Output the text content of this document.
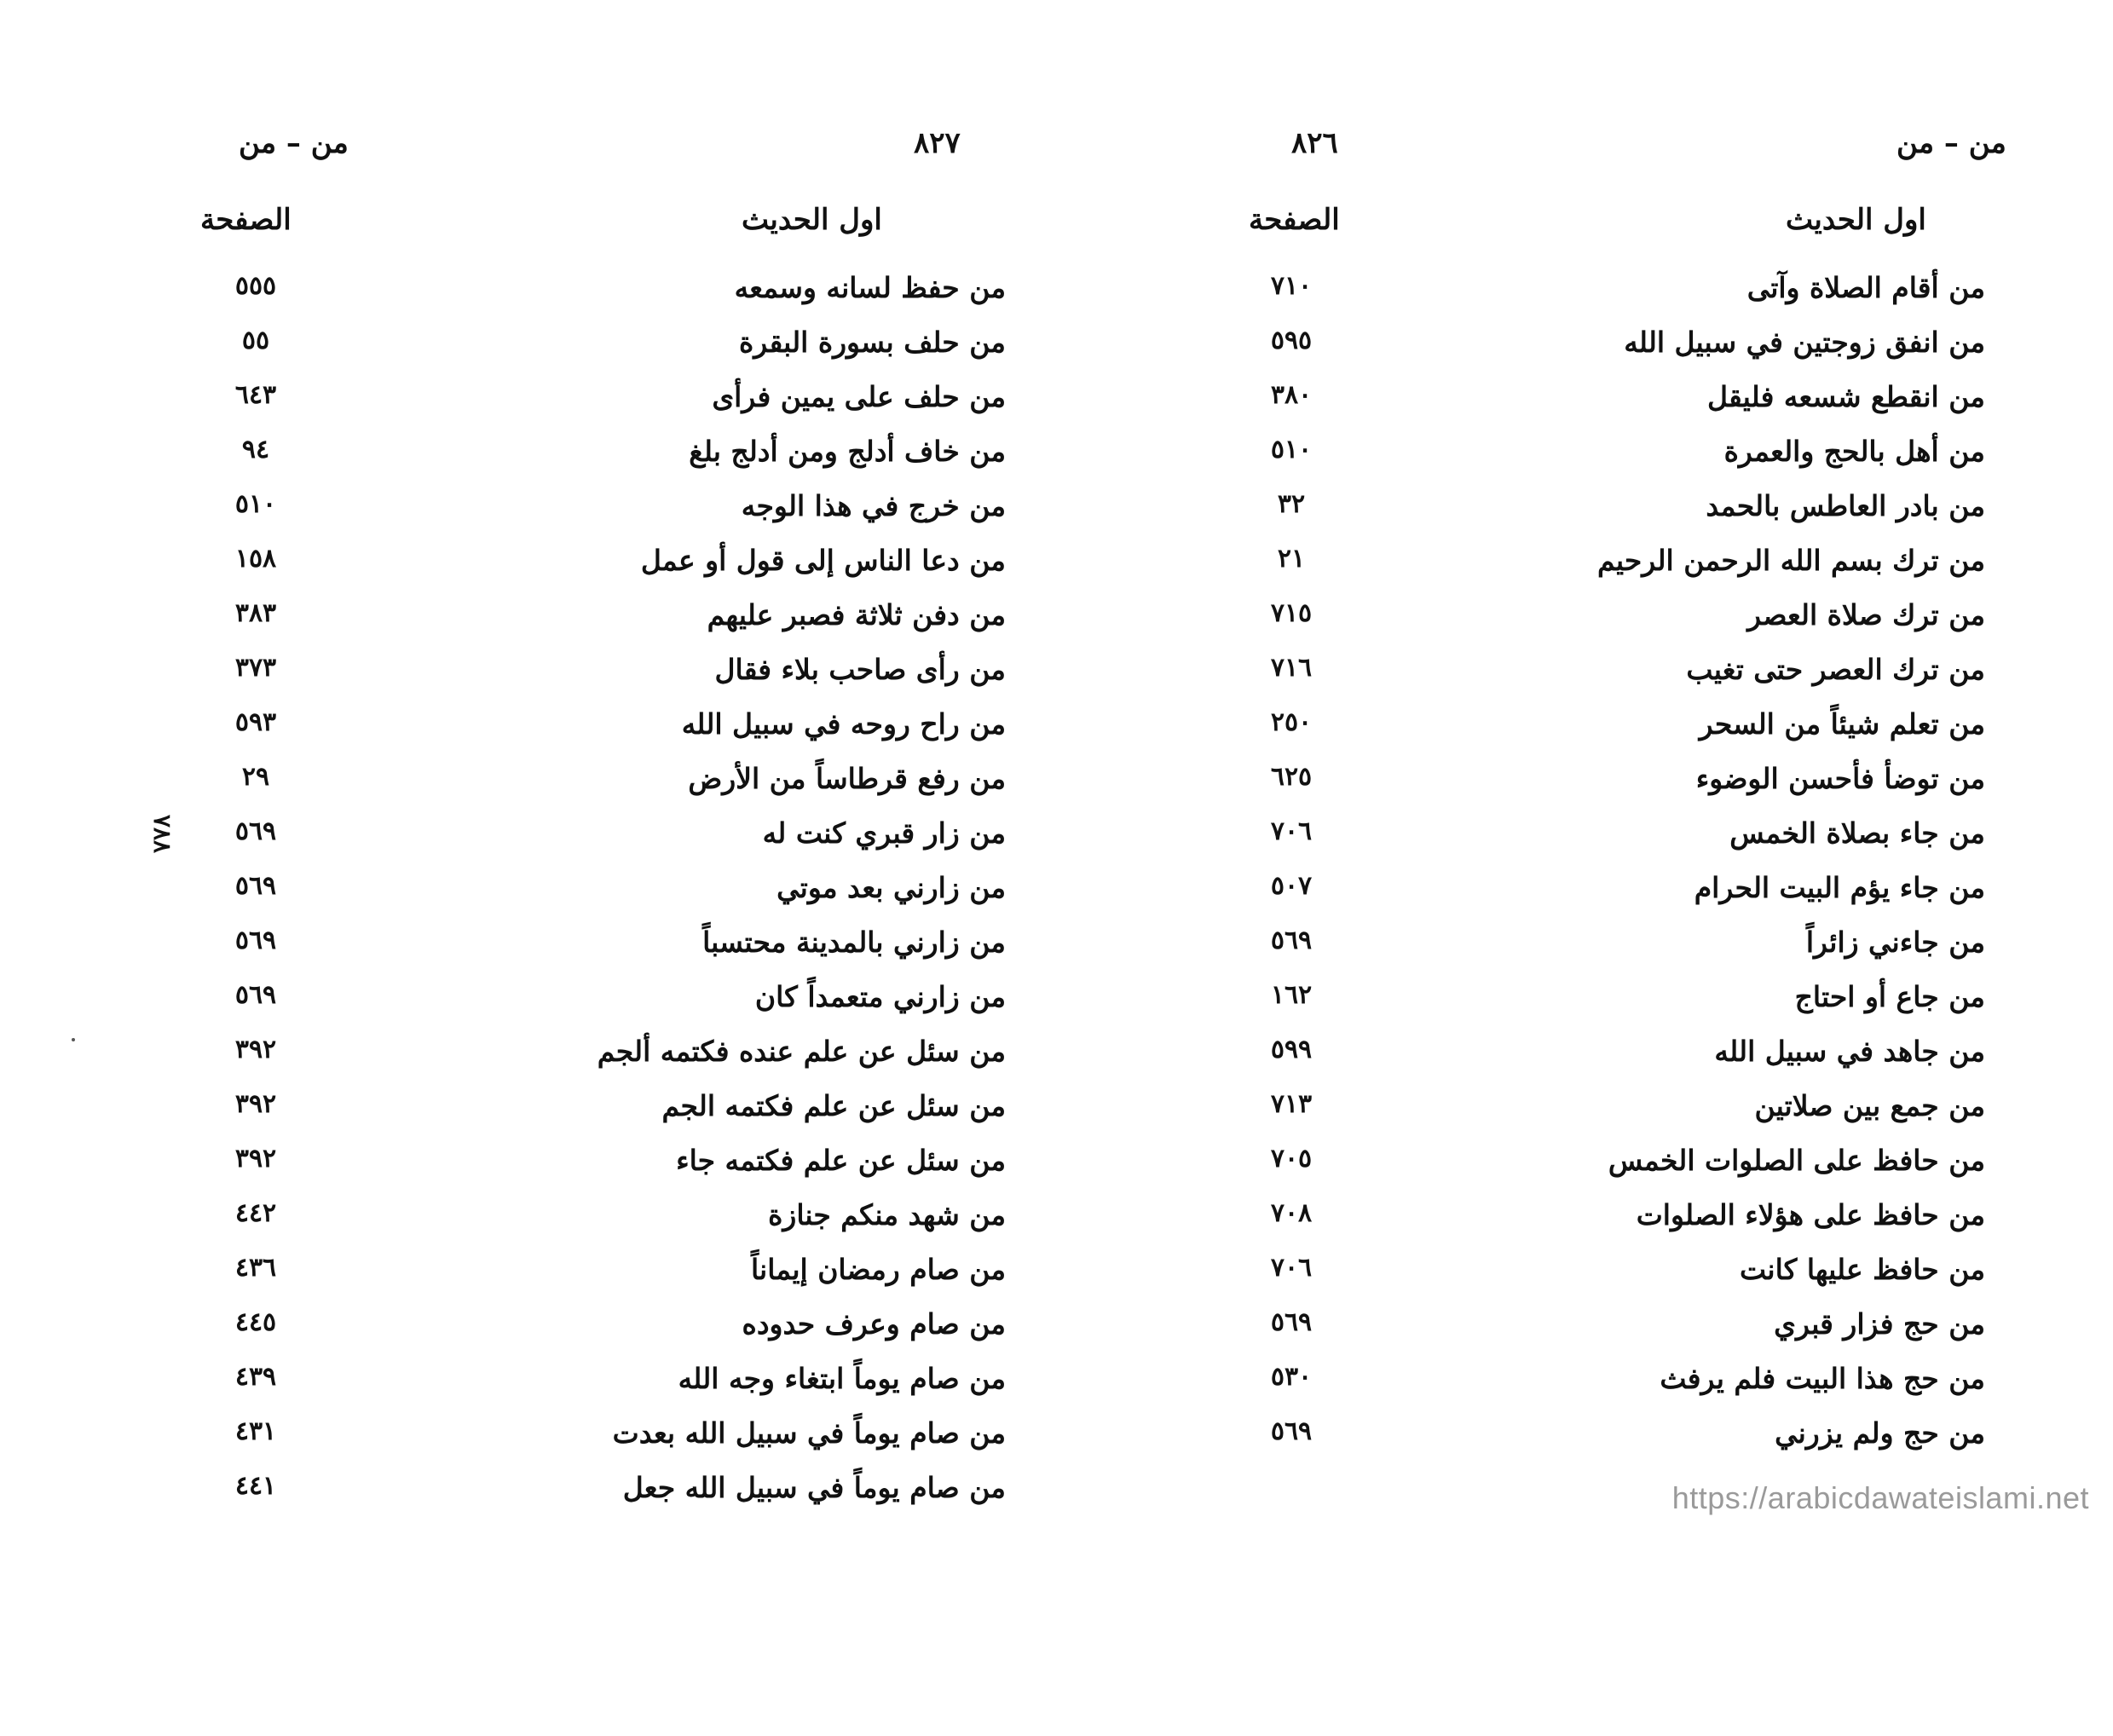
من – من	٨٢٧
اول الحديث
الصفحة
٧٨٨
من حفظ لسانه وسمعه
٥٥٥
من حلف بسورة البقرة
٥٥
من حلف على يمين فرأى
٦٤٣
من خاف أدلج ومن أدلج بلغ
٩٤
من خرج في هذا الوجه
٥١٠
من دعا الناس إلى قول أو عمل
١٥٨
من دفن ثلاثة فصبر عليهم
٣٨٣
من رأى صاحب بلاء فقال
٣٧٣
من راح روحه في سبيل الله
٥٩٣
من رفع قرطاساً من الأرض
٢٩
من زار قبري كنت له
٥٦٩
من زارني بعد موتي
٥٦٩
من زارني بالمدينة محتسباً
٥٦٩
من زارني متعمداً كان
٥٦٩
من سئل عن علم عنده فكتمه ألجم
٣٩٢
من سئل عن علم فكتمه الجم
٣٩٢
من سئل عن علم فكتمه جاء
٣٩٢
من شهد منكم جنازة
٤٤٢
من صام رمضان إيماناً
٤٣٦
من صام وعرف حدوده
٤٤٥
من صام يوماً ابتغاء وجه الله
٤٣٩
من صام يوماً في سبيل الله بعدت
٤٣١
من صام يوماً في سبيل الله جعل
٤٤١
من – من
٨٢٦
اول الحديث
الصفحة
من أقام الصلاة وآتى
٧١٠
من انفق زوجتين في سبيل الله
٥٩٥
من انقطع شسعه فليقل
٣٨٠
من أهل بالحج والعمرة
٥١٠
من بادر العاطس بالحمد
٣٢
من ترك بسم الله الرحمن الرحيم
٢١
من ترك صلاة العصر
٧١٥
من ترك العصر حتى تغيب
٧١٦
من تعلم شيئاً من السحر
٢٥٠
من توضأ فأحسن الوضوء
٦٢٥
من جاء بصلاة الخمس
٧٠٦
من جاء يؤم البيت الحرام
٥٠٧
من جاءني زائراً
٥٦٩
من جاع أو احتاج
١٦٢
من جاهد في سبيل الله
٥٩٩
من جمع بين صلاتين
٧١٣
من حافظ على الصلوات الخمس
٧٠٥
من حافظ على هؤلاء الصلوات
٧٠٨
من حافظ عليها كانت
٧٠٦
من حج فزار قبري
٥٦٩
من حج هذا البيت فلم يرفث
٥٣٠
من حج ولم يزرني
٥٦٩
https://arabicdawateislami.net
